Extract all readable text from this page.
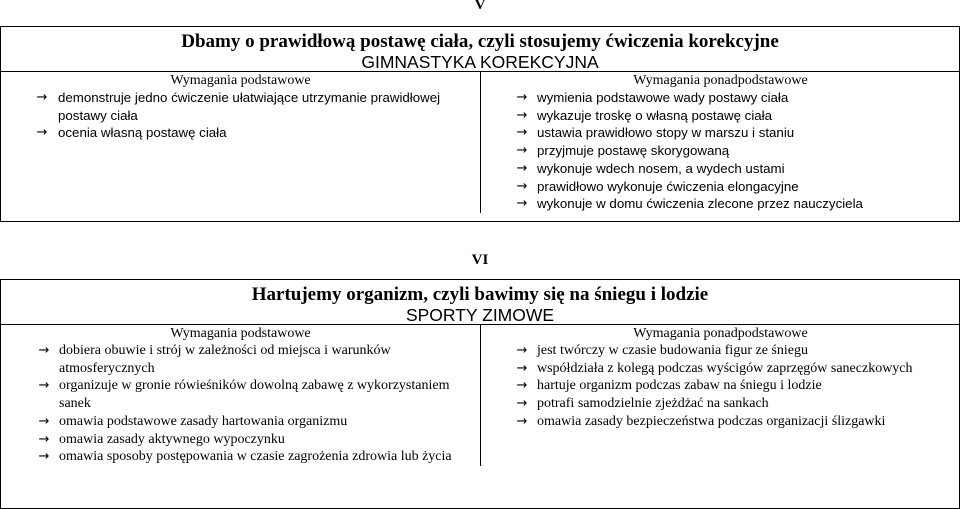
V
Dbamy o prawidłową postawę ciała, czyli stosujemy ćwiczenia korekcyjne
GIMNASTYKA KOREKCYJNA
Wymagania podstawowe	Wymagania ponadpodstawowe
→ demonstruje jedno ćwiczenie ułatwiające utrzymanie prawidłowej postawy ciała
→ ocenia własną postawę ciała
→ wymienia podstawowe wady postawy ciała
→ wykazuje troskę o własną postawę ciała
→ ustawia prawidłowo stopy w marszu i staniu
→ przyjmuje postawę skorygowaną
→ wykonuje wdech nosem, a wydech ustami
→ prawidłowo wykonuje ćwiczenia elongacyjne
→ wykonuje w domu ćwiczenia zlecone przez nauczyciela
VI
Hartujemy organizm, czyli bawimy się na śniegu i lodzie
SPORTY ZIMOWE
Wymagania podstawowe	Wymagania ponadpodstawowe
→ dobiera obuwie i strój w zależności od miejsca i warunków atmosferycznych
→ organizuje w gronie rówieśników dowolną zabawę z wykorzystaniem sanek
→ omawia podstawowe zasady hartowania organizmu
→ omawia zasady aktywnego wypoczynku
→ omawia sposoby postępowania w czasie zagrożenia zdrowia lub życia
→ jest twórczy w czasie budowania figur ze śniegu
→ współdziała z kolegą podczas wyścigów zaprzęgów saneczkowych
→ hartuje organizm podczas zabaw na śniegu i lodzie
→ potrafi samodzielnie zjeżdżać na sankach
→ omawia zasady bezpieczeństwa podczas organizacji ślizgawki
